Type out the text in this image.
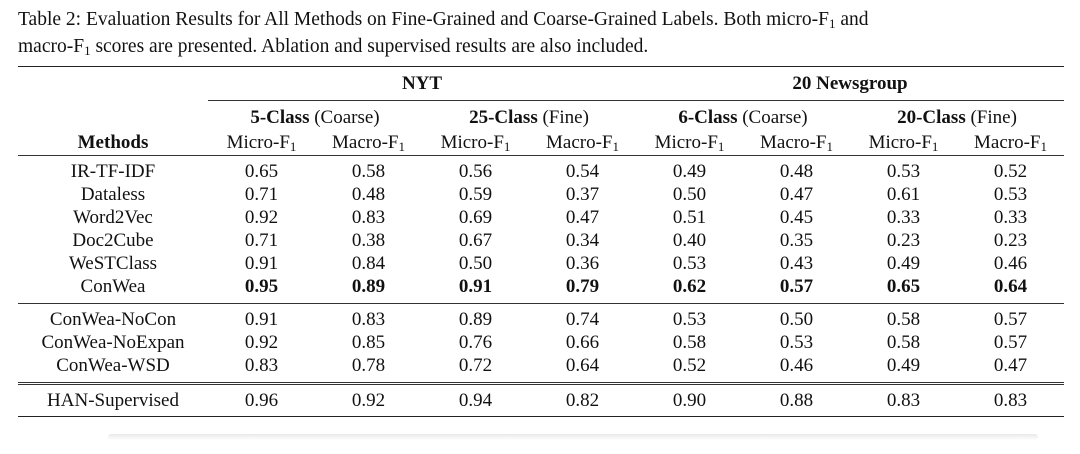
Table 2: Evaluation Results for All Methods on Fine-Grained and Coarse-Grained Labels. Both micro-$F_1$ and
macro-$F_1$ scores are presented. Ablation and supervised results are also included.
	NYT				20 Newsgroup			
	5-Class (Coarse)		25-Class (Fine)		6-Class (Coarse)		20-Class (Fine)	
Methods	Micro-$F_1$	Macro-$F_1$	Micro-$F_1$	Macro-$F_1$	Micro-$F_1$	Macro-$F_1$	Micro-$F_1$	Macro-$F_1$
IR-TF-IDF	0.65	0.58	0.56	0.54	0.49	0.48	0.53	0.52
Dataless	0.71	0.48	0.59	0.37	0.50	0.47	0.61	0.53
Word2Vec	0.92	0.83	0.69	0.47	0.51	0.45	0.33	0.33
Doc2Cube	0.71	0.38	0.67	0.34	0.40	0.35	0.23	0.23
WeSTClass	0.91	0.84	0.50	0.36	0.53	0.43	0.49	0.46
ConWea	0.95	0.89	0.91	0.79	0.62	0.57	0.65	0.64
ConWea-NoCon	0.91	0.83	0.89	0.74	0.53	0.50	0.58	0.57
ConWea-NoExpan	0.92	0.85	0.76	0.66	0.58	0.53	0.58	0.57
ConWea-WSD	0.83	0.78	0.72	0.64	0.52	0.46	0.49	0.47
HAN-Supervised	0.96	0.92	0.94	0.82	0.90	0.88	0.83	0.83
